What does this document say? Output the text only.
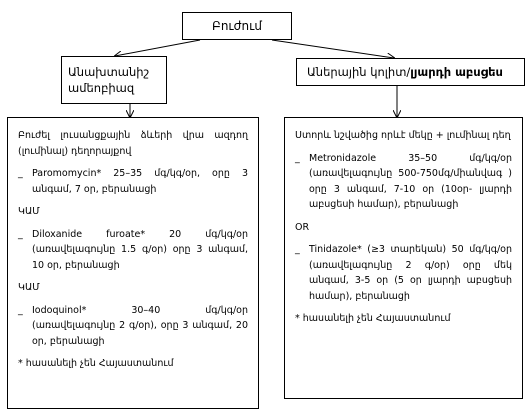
Բուժում
Անախտանիշ
ամեոբիազ
Աներային կոլիտ/լյարդի աբսցես

Բուժել լուսանցքային ձևերի վրա ազդող (լումինալ) դեղորայքով

_ Paromomycin* 25–35 մգ/կգ/օր, օրը 3 անգամ, 7 օր, բերանացի

ԿԱՄ

_ Diloxanide furoate* 20 մգ/կգ/օր (առավելագույնը 1.5 գ/օր) օրը 3 անգամ, 10 օր, բերանացի

ԿԱՄ

_ Iodoquinol* 30–40 մգ/կգ/օր (առավելագույնը 2 գ/օր), օրը 3 անգամ, 20 օր, բերանացի

* հասանելի չեն Հայաստանում

Ստորև նշվածից որևէ մեկը + լումինալ դեղ

_ Metronidazole 35–50 մգ/կգ/օր (առավելագույնը 500-750մգ/միանվագ ) օրը 3 անգամ, 7-10 օր (10օր- լյարդի աբսցեսի համար), բերանացի

OR

_ Tinidazole* (≥3 տարեկան) 50 մգ/կգ/օր (առավելագույնը 2 գ/օր) օրը մեկ անգամ, 3-5 օր (5 օր լյարդի աբսցեսի համար), բերանացի

* հասանելի չեն Հայաստանում
